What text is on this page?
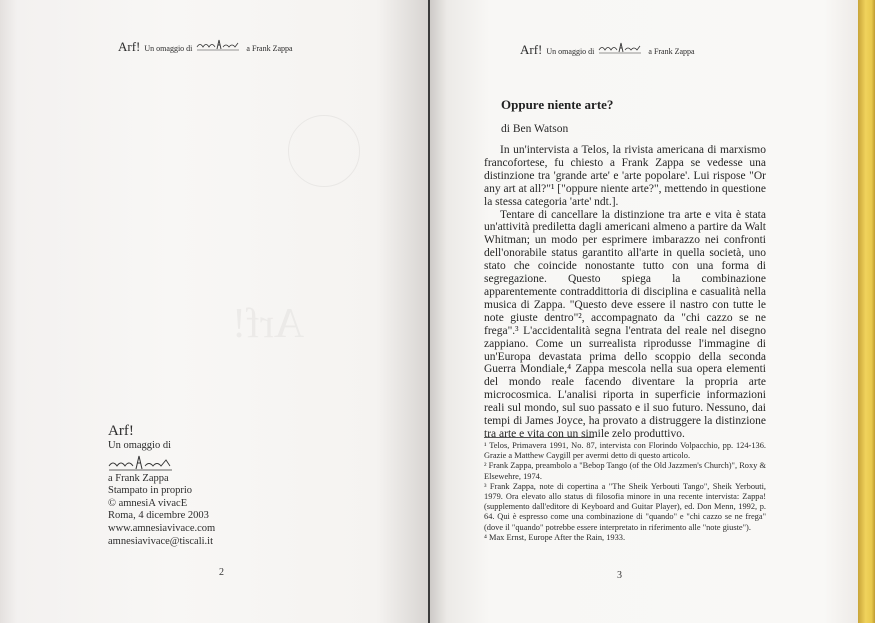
Arf! Un omaggio di	a Frank Zappa
Arf!
Un omaggio di
a Frank Zappa
Stampato in proprio
© amnesiA vivacE
Roma, 4 dicembre 2003
www.amnesiavivace.com
amnesiavivace@tiscali.it
2
Arf! Un omaggio di	a Frank Zappa
Oppure niente arte?
di Ben Watson

In un'intervista a Telos, la rivista americana di marxismo francofortese, fu chiesto a Frank Zappa se vedesse una distinzione tra 'grande arte' e 'arte popolare'. Lui rispose "Or any art at all?"¹ ["oppure niente arte?", mettendo in questione la stessa categoria 'arte' ndt.].

Tentare di cancellare la distinzione tra arte e vita è stata un'attività prediletta dagli americani almeno a partire da Walt Whitman; un modo per esprimere imbarazzo nei confronti dell'onorabile status garantito all'arte in quella società, uno stato che coincide nonostante tutto con una forma di segregazione. Questo spiega la combinazione apparentemente contraddittoria di disciplina e casualità nella musica di Zappa. "Questo deve essere il nastro con tutte le note giuste dentro"², accompagnato da "chi cazzo se ne frega".³ L'accidentalità segna l'entrata del reale nel disegno zappiano. Come un surrealista riprodusse l'immagine di un'Europa devastata prima dello scoppio della seconda Guerra Mondiale,⁴ Zappa mescola nella sua opera elementi del mondo reale facendo diventare la propria arte microcosmica. L'analisi riporta in superficie informazioni reali sul mondo, sul suo passato e il suo futuro. Nessuno, dai tempi di James Joyce, ha provato a distruggere la distinzione tra arte e vita con un simile zelo produttivo.

¹ Telos, Primavera 1991, No. 87, intervista con Florindo Volpacchio, pp. 124-136. Grazie a Matthew Caygill per avermi detto di questo articolo.

² Frank Zappa, preambolo a "Bebop Tango (of the Old Jazzmen's Church)", Roxy & Elsewehre, 1974.

³ Frank Zappa, note di copertina a "The Sheik Yerbouti Tango", Sheik Yerbouti, 1979. Ora elevato allo status di filosofia minore in una recente intervista: Zappa! (supplemento dall'editore di Keyboard and Guitar Player), ed. Don Menn, 1992, p. 64. Qui è espresso come una combinazione di "quando" e "chi cazzo se ne frega" (dove il "quando" potrebbe essere interpretato in riferimento alle "note giuste").

⁴ Max Ernst, Europe After the Rain, 1933.

3
